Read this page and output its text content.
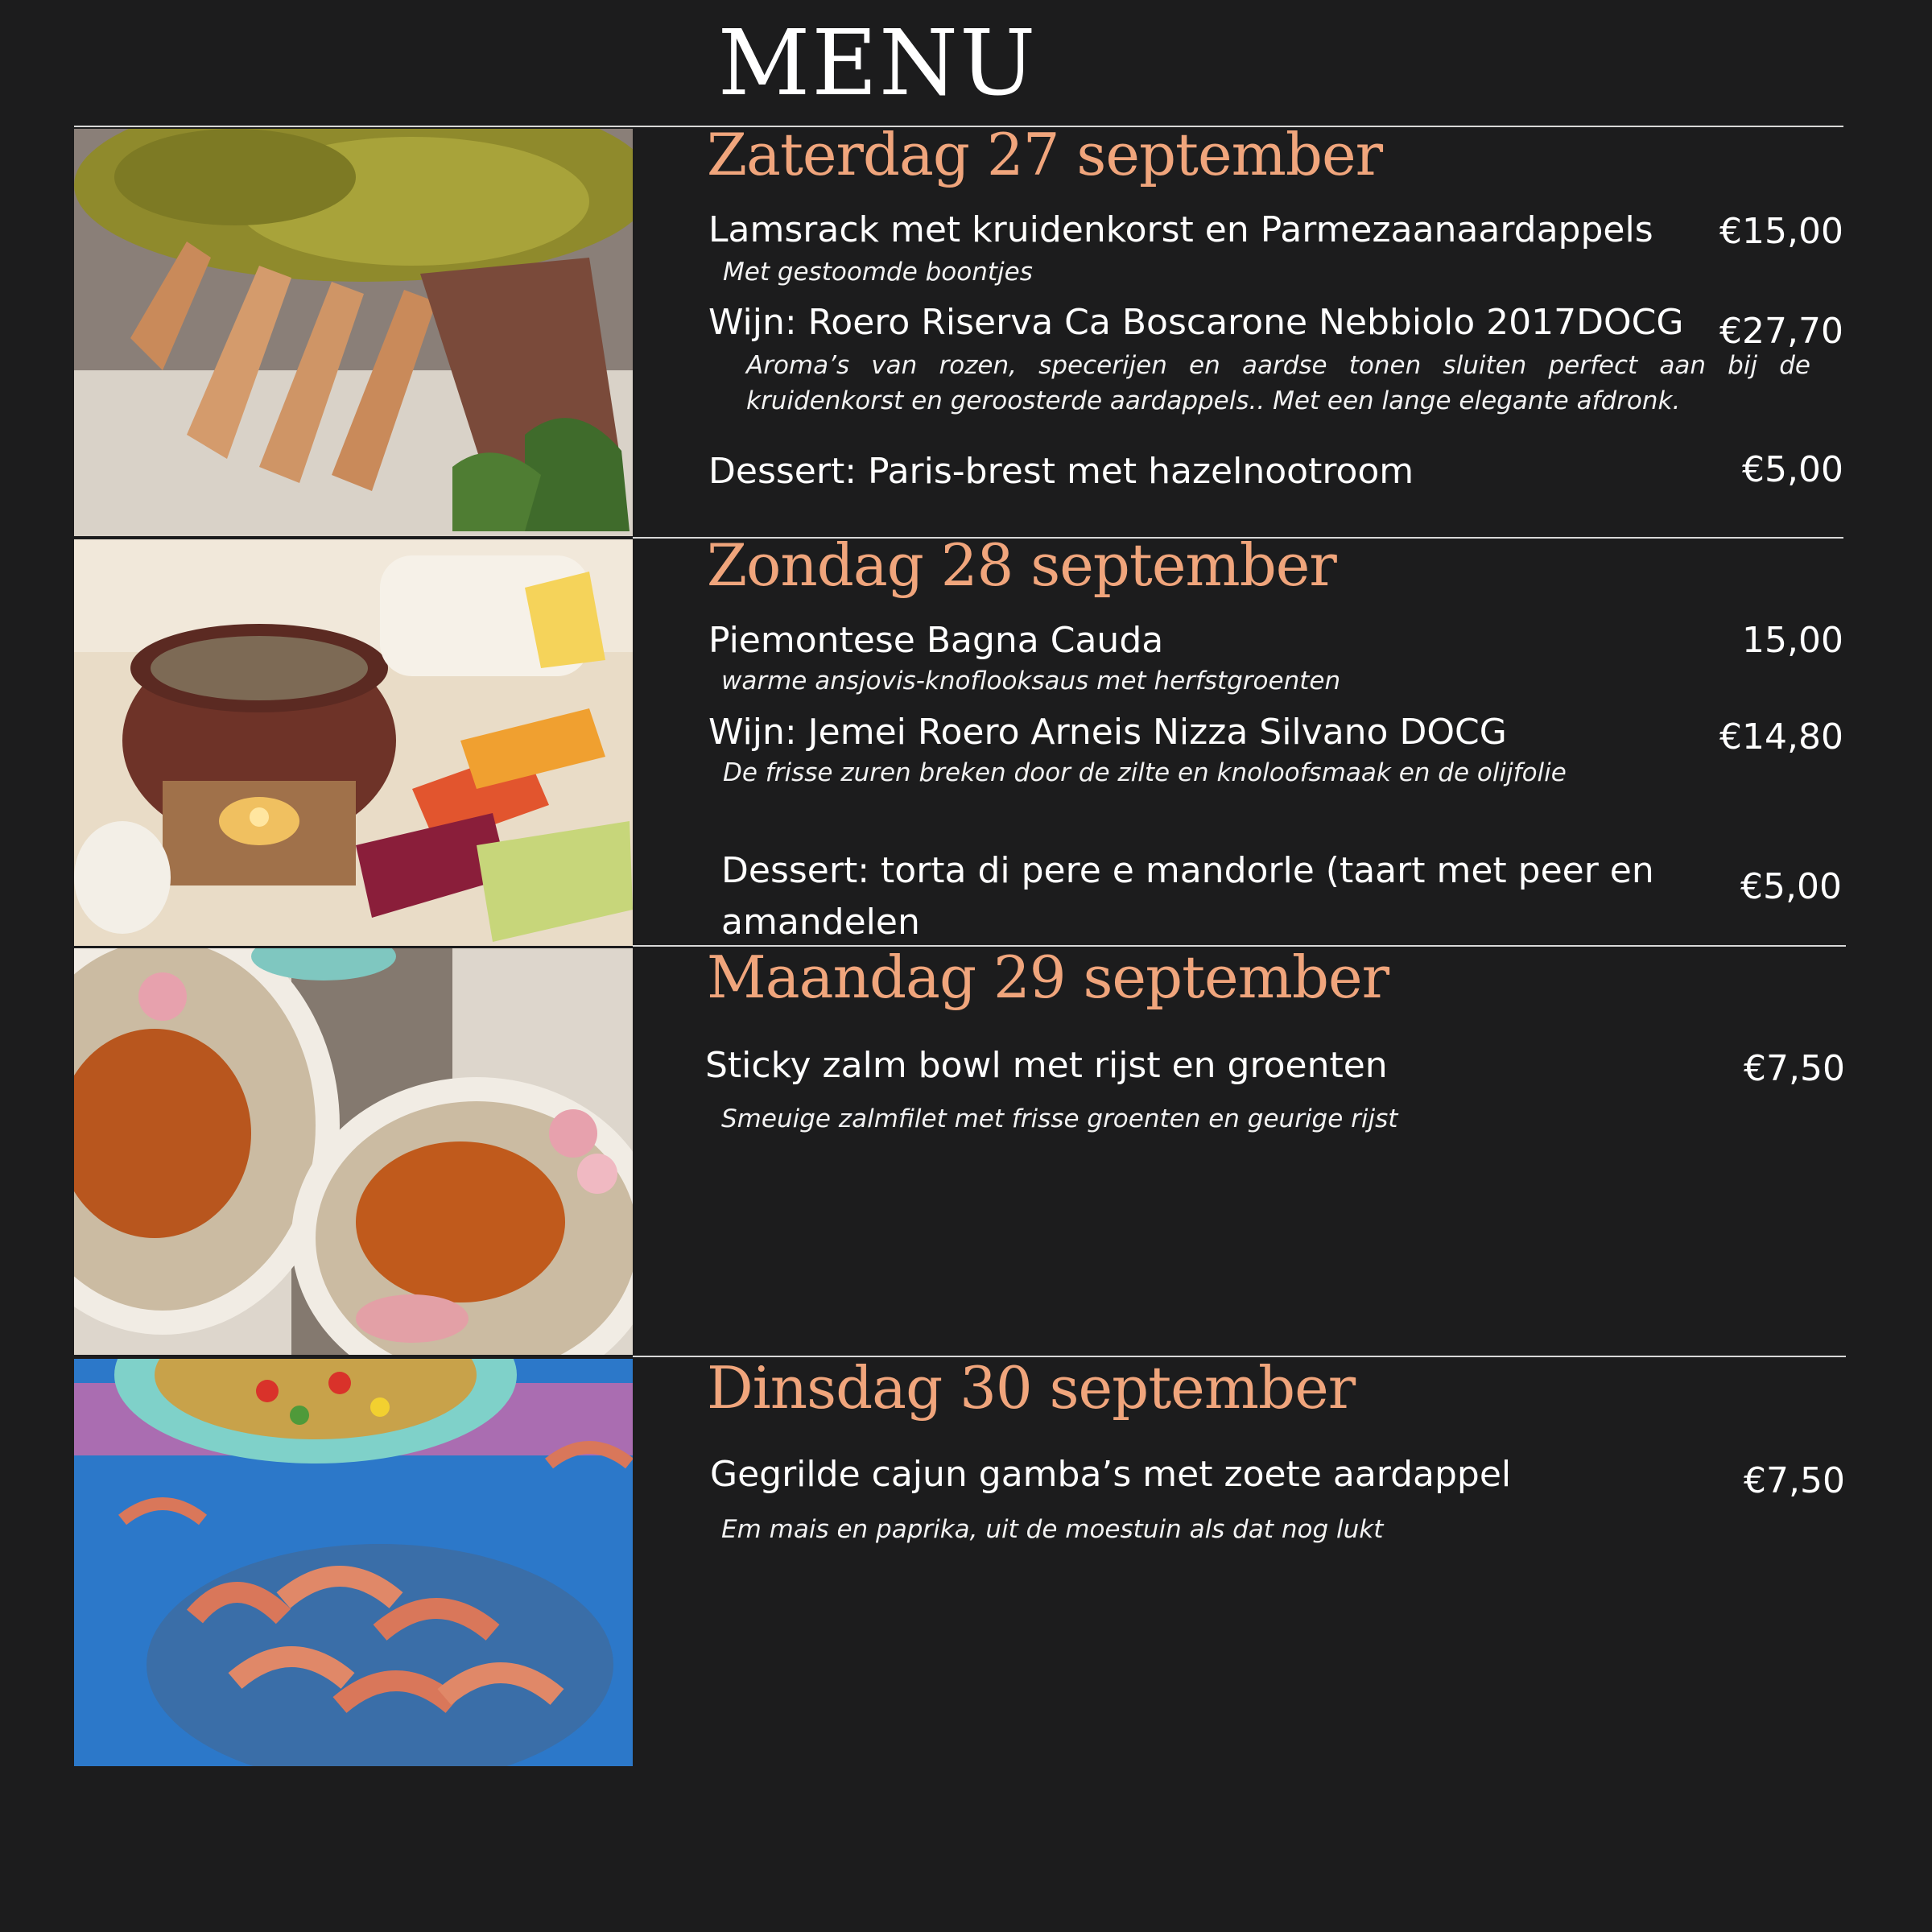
MENU
Zaterdag 27 september
Lamsrack met kruidenkorst en Parmezaanaardappels €15,00
Met gestoomde boontjes
Wijn: Roero Riserva Ca Boscarone Nebbiolo 2017DOCG €27,70
Aroma’s van rozen, specerijen en aardse tonen sluiten perfect aan bij de kruidenkorst en geroosterde aardappels.. Met een lange elegante afdronk.
Dessert: Paris-brest met hazelnootroom	€5,00
Zondag 28 september
Piemontese Bagna Cauda	15,00
warme ansjovis-knoflooksaus met herfstgroenten
Wijn: Jemei Roero Arneis Nizza Silvano DOCG	€14,80
De frisse zuren breken door de zilte en knoloofsmaak en de olijfolie
Dessert: torta di pere e mandorle (taart met peer en amandelen
€5,00
Maandag 29 september
Sticky zalm bowl met rijst en groenten	€7,50
Smeuige zalmfilet met frisse groenten en geurige rijst
Dinsdag 30 september
Gegrilde cajun gamba’s met zoete aardappel	€7,50
Em mais en paprika, uit de moestuin als dat nog lukt
